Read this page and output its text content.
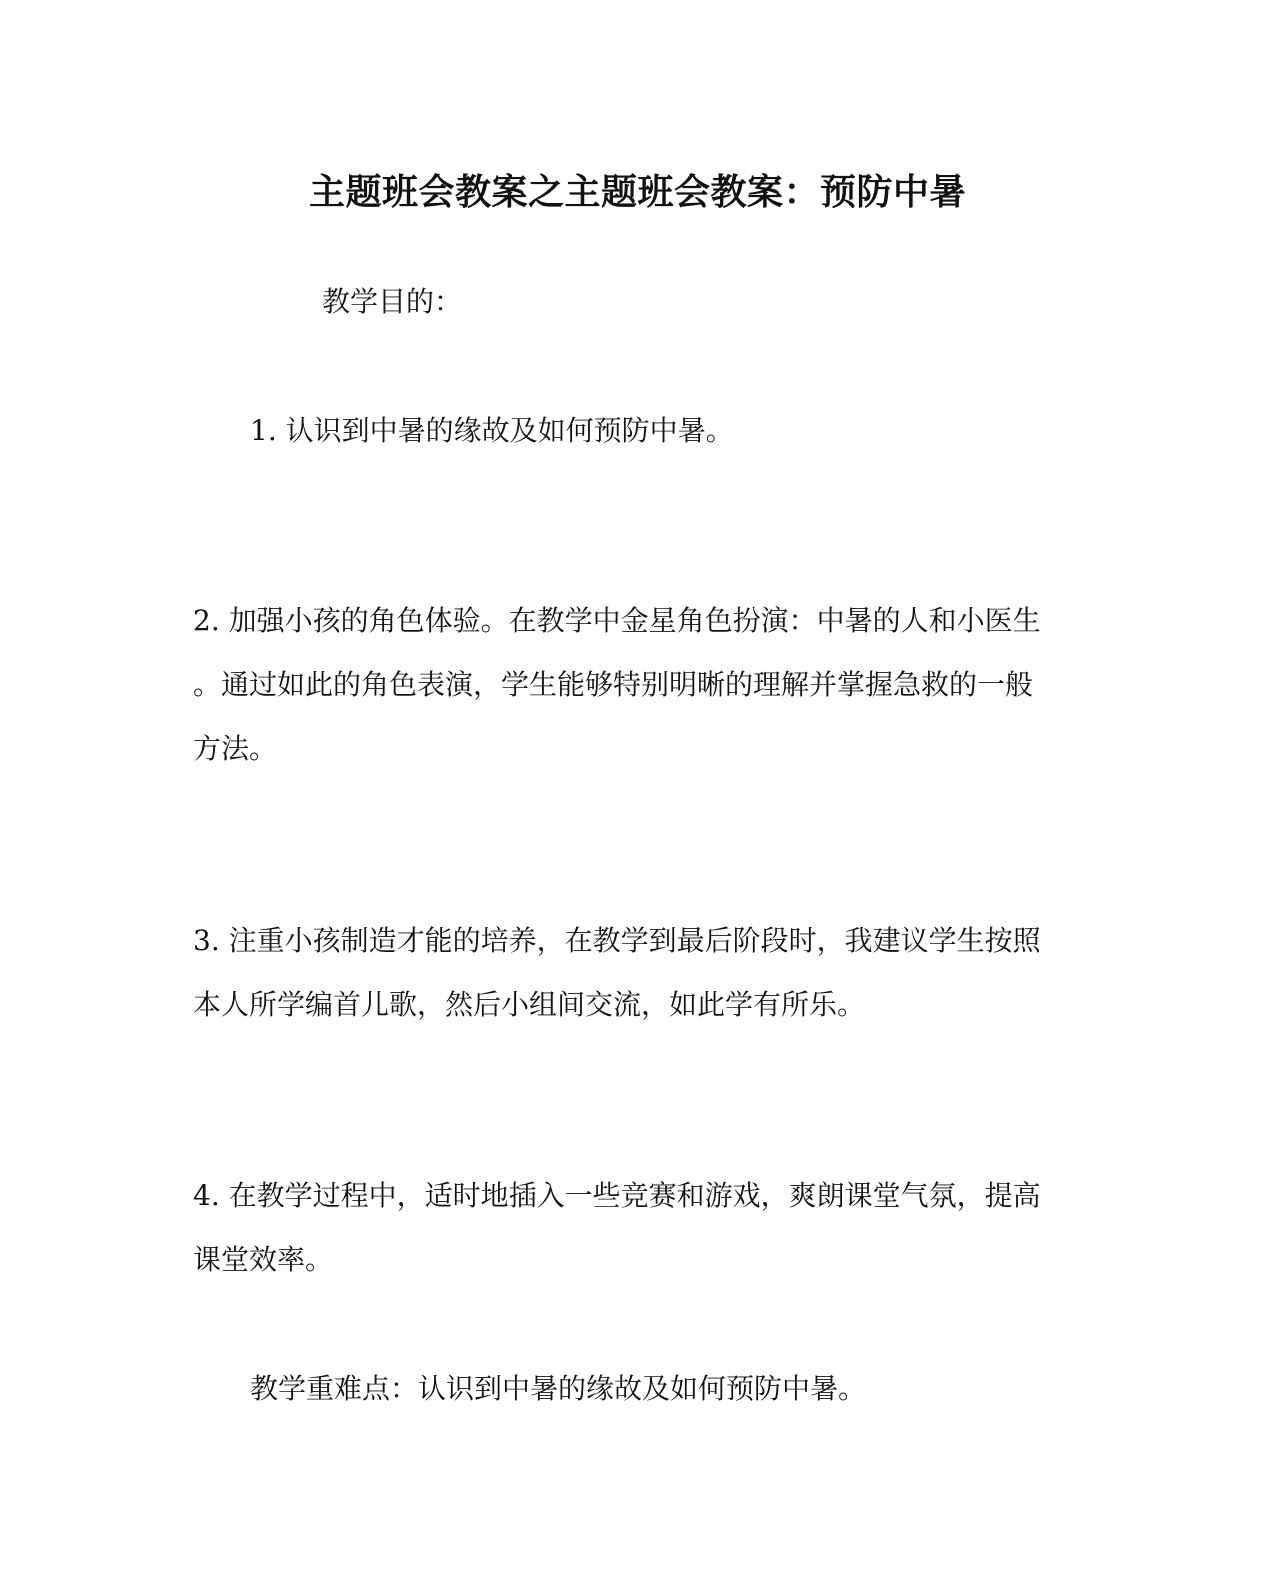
主题班会教案之主题班会教案：预防中暑

教学目的：

1. 认识到中暑的缘故及如何预防中暑。

2. 加强小孩的角色体验。在教学中金星角色扮演：中暑的人和小医生
。通过如此的角色表演，学生能够特别明晰的理解并掌握急救的一般
方法。

3. 注重小孩制造才能的培养，在教学到最后阶段时，我建议学生按照
本人所学编首儿歌，然后小组间交流，如此学有所乐。

4. 在教学过程中，适时地插入一些竞赛和游戏，爽朗课堂气氛，提高
课堂效率。

教学重难点：认识到中暑的缘故及如何预防中暑。
